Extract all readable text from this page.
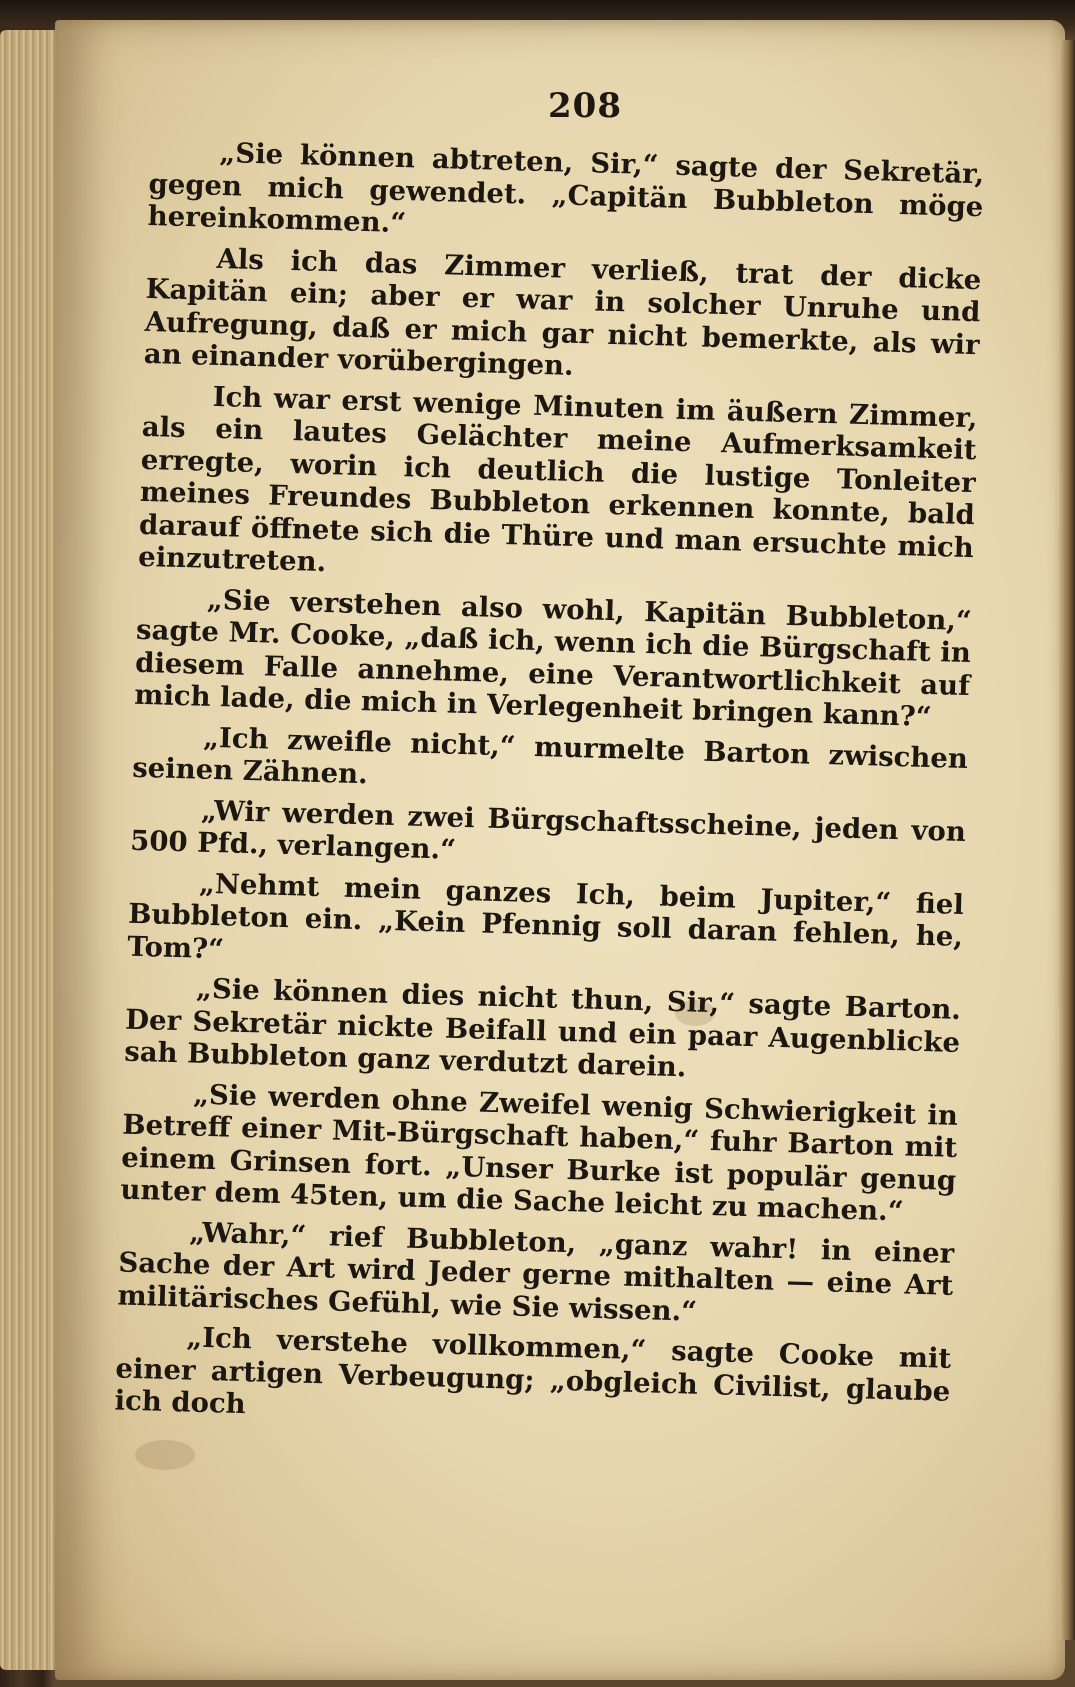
208

„Sie können abtreten, Sir,“ sagte der Sekretär, gegen mich gewendet. „Capitän Bubbleton möge hereinkommen.“

Als ich das Zimmer verließ, trat der dicke Kapitän ein; aber er war in solcher Unruhe und Aufregung, daß er mich gar nicht bemerkte, als wir an einander vorübergingen.

Ich war erst wenige Minuten im äußern Zimmer, als ein lautes Gelächter meine Aufmerksamkeit erregte, worin ich deutlich die lustige Tonleiter meines Freundes Bubbleton erkennen konnte, bald darauf öffnete sich die Thüre und man ersuchte mich einzutreten.

„Sie verstehen also wohl, Kapitän Bubbleton,“ sagte Mr. Cooke, „daß ich, wenn ich die Bürgschaft in diesem Falle annehme, eine Verantwortlichkeit auf mich lade, die mich in Verlegenheit bringen kann?“

„Ich zweifle nicht,“ murmelte Barton zwischen seinen Zähnen.

„Wir werden zwei Bürgschaftsscheine, jeden von 500 Pfd., verlangen.“

„Nehmt mein ganzes Ich, beim Jupiter,“ fiel Bubbleton ein. „Kein Pfennig soll daran fehlen, he, Tom?“

„Sie können dies nicht thun, Sir,“ sagte Barton. Der Sekretär nickte Beifall und ein paar Augenblicke sah Bubbleton ganz verdutzt darein.

„Sie werden ohne Zweifel wenig Schwierigkeit in Betreff einer Mit-Bürgschaft haben,“ fuhr Barton mit einem Grinsen fort. „Unser Burke ist populär genug unter dem 45ten, um die Sache leicht zu machen.“

„Wahr,“ rief Bubbleton, „ganz wahr! in einer Sache der Art wird Jeder gerne mithalten — eine Art militärisches Gefühl, wie Sie wissen.“

„Ich verstehe vollkommen,“ sagte Cooke mit einer artigen Verbeugung; „obgleich Civilist, glaube ich doch
